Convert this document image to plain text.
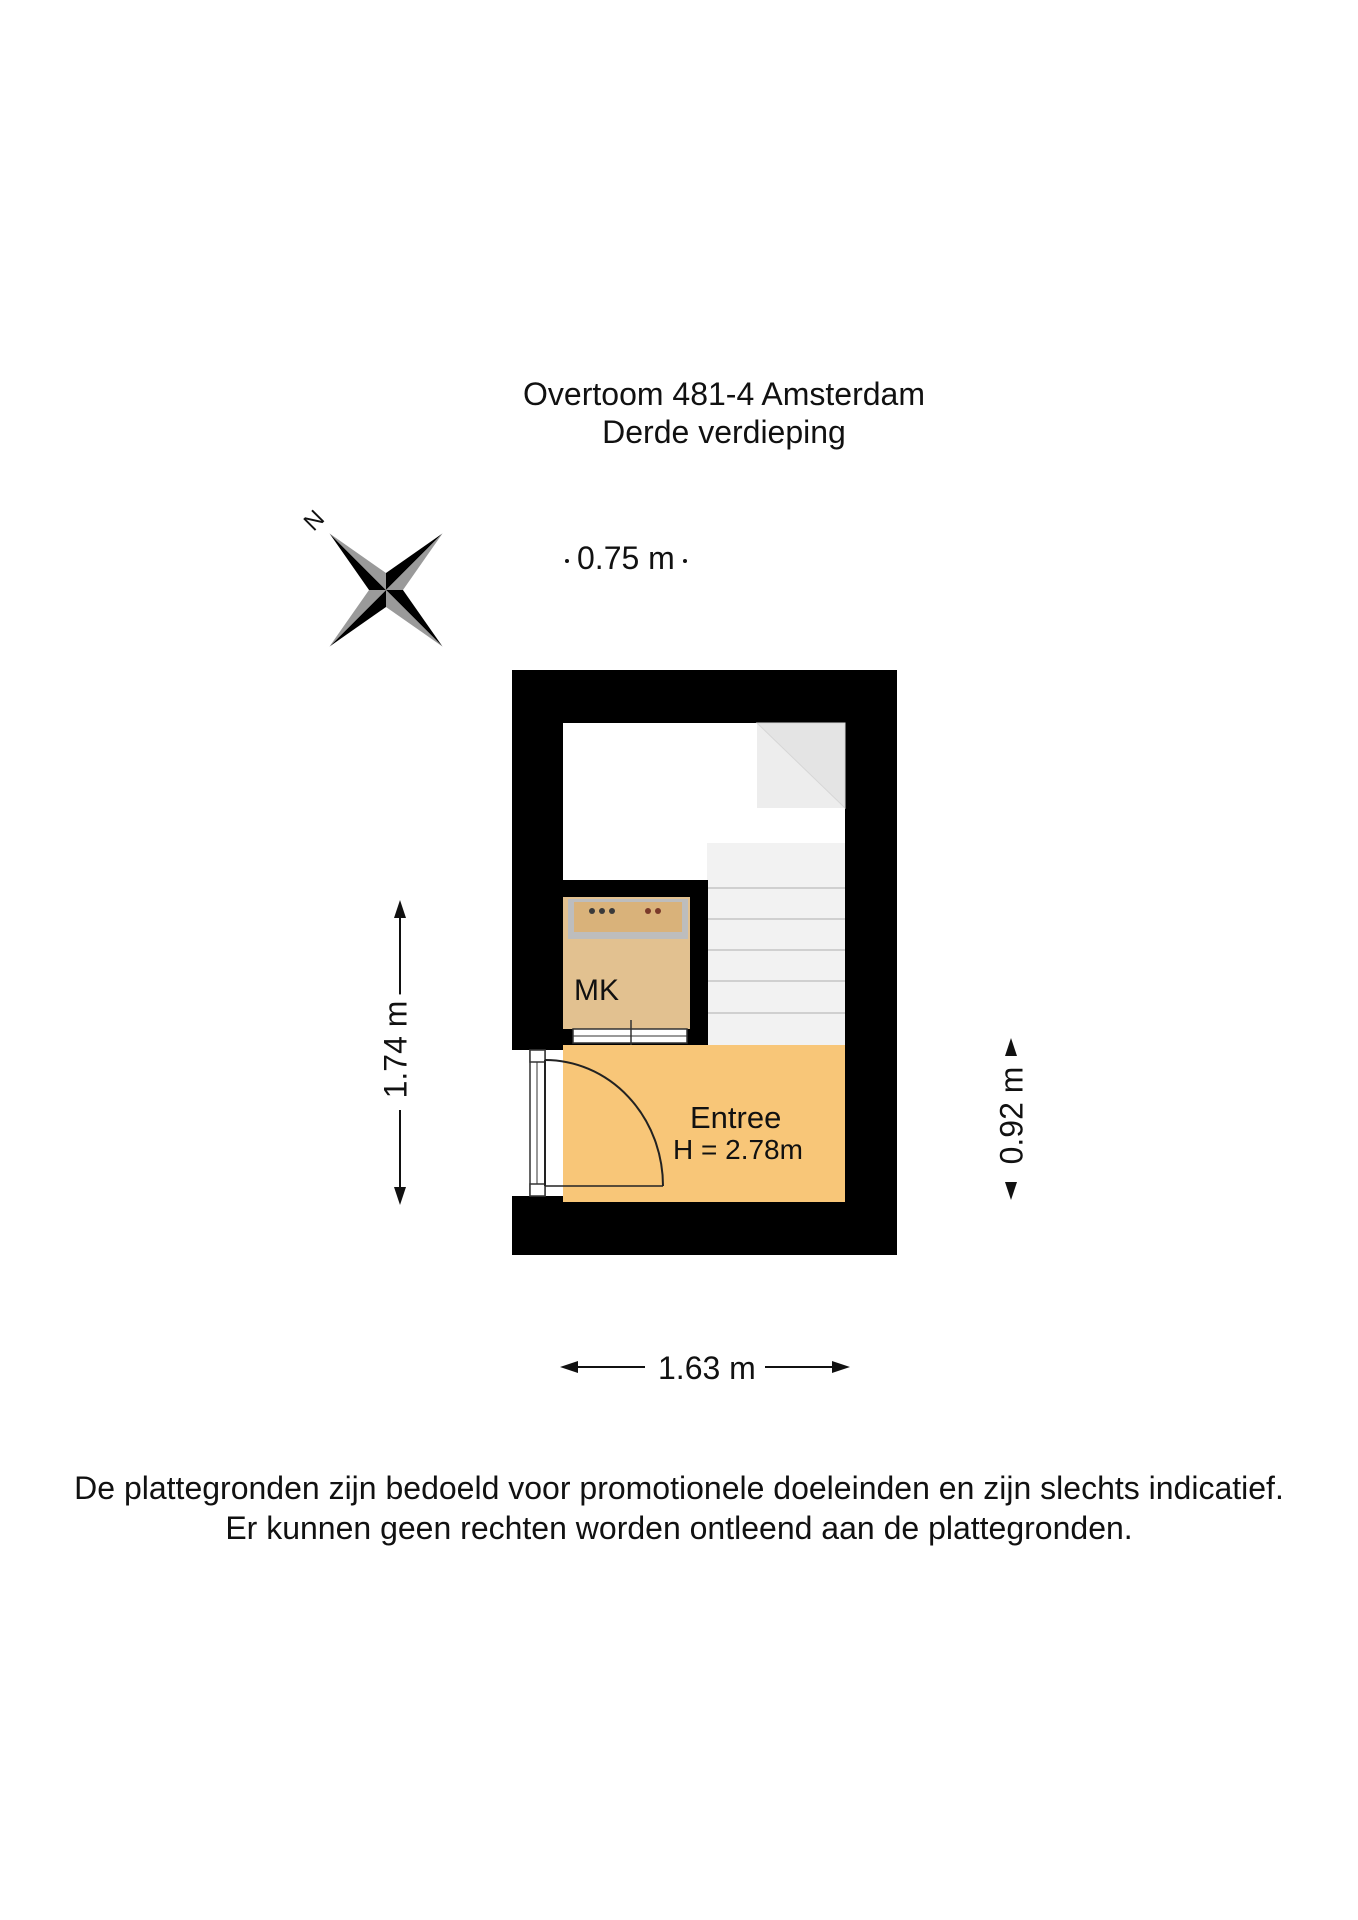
Overtoom 481-4 Amsterdam
Derde verdieping
N
0.75 m
1.74 m
0.92 m
1.63 m
MK
Entree
H = 2.78m
De plattegronden zijn bedoeld voor promotionele doeleinden en zijn slechts indicatief.
Er kunnen geen rechten worden ontleend aan de plattegronden.
